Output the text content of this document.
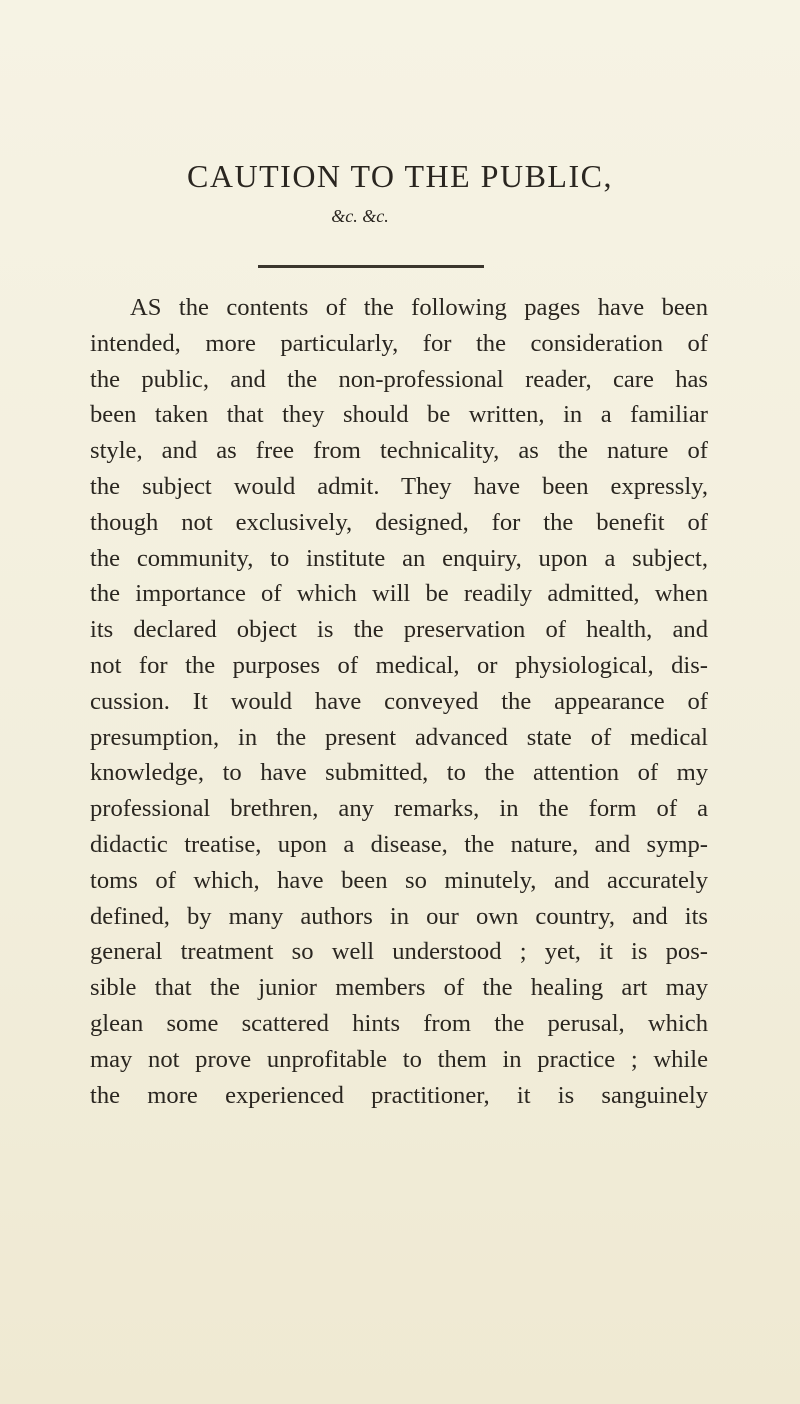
CAUTION TO THE PUBLIC,
&c. &c.
AS the contents of the following pages have been
intended, more particularly, for the consideration of
the public, and the non-professional reader, care has
been taken that they should be written, in a familiar
style, and as free from technicality, as the nature of
the subject would admit. They have been expressly,
though not exclusively, designed, for the benefit of
the community, to institute an enquiry, upon a subject,
the importance of which will be readily admitted, when
its declared object is the preservation of health, and
not for the purposes of medical, or physiological, dis-
cussion. It would have conveyed the appearance of
presumption, in the present advanced state of medical
knowledge, to have submitted, to the attention of my
professional brethren, any remarks, in the form of a
didactic treatise, upon a disease, the nature, and symp-
toms of which, have been so minutely, and accurately
defined, by many authors in our own country, and its
general treatment so well understood ; yet, it is pos-
sible that the junior members of the healing art may
glean some scattered hints from the perusal, which
may not prove unprofitable to them in practice ; while
the more experienced practitioner, it is sanguinely
